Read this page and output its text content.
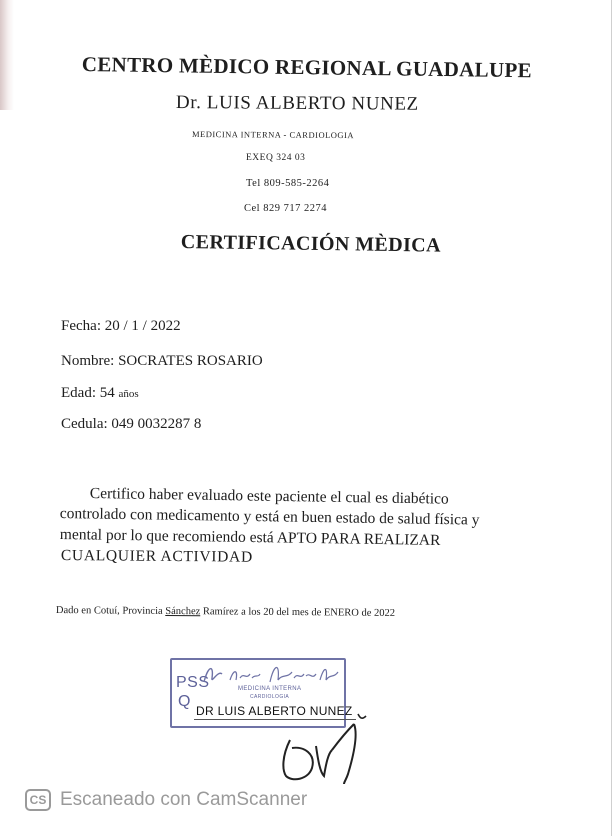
CENTRO MÈDICO REGIONAL GUADALUPE
Dr. LUIS ALBERTO NUNEZ
MEDICINA INTERNA - CARDIOLOGIA
EXEQ 324 03
Tel 809-585-2264
Cel 829 717 2274
CERTIFICACIÓN MÈDICA
Fecha: 20 / 1 / 2022
Nombre: SOCRATES ROSARIO
Edad: 54 años
Cedula: 049 0032287 8
Certifico haber evaluado este paciente el cual es diabético
controlado con medicamento y está en buen estado de salud física y
mental por lo que recomiendo está APTO PARA REALIZAR
CUALQUIER ACTIVIDAD
Dado en Cotuí, Provincia Sánchez Ramírez a los 20 del mes de ENERO de 2022
PSS
Q
MEDICINA INTERNA
CARDIOLOGIA
DR LUIS ALBERTO NUNEZ
CS Escaneado con CamScanner
